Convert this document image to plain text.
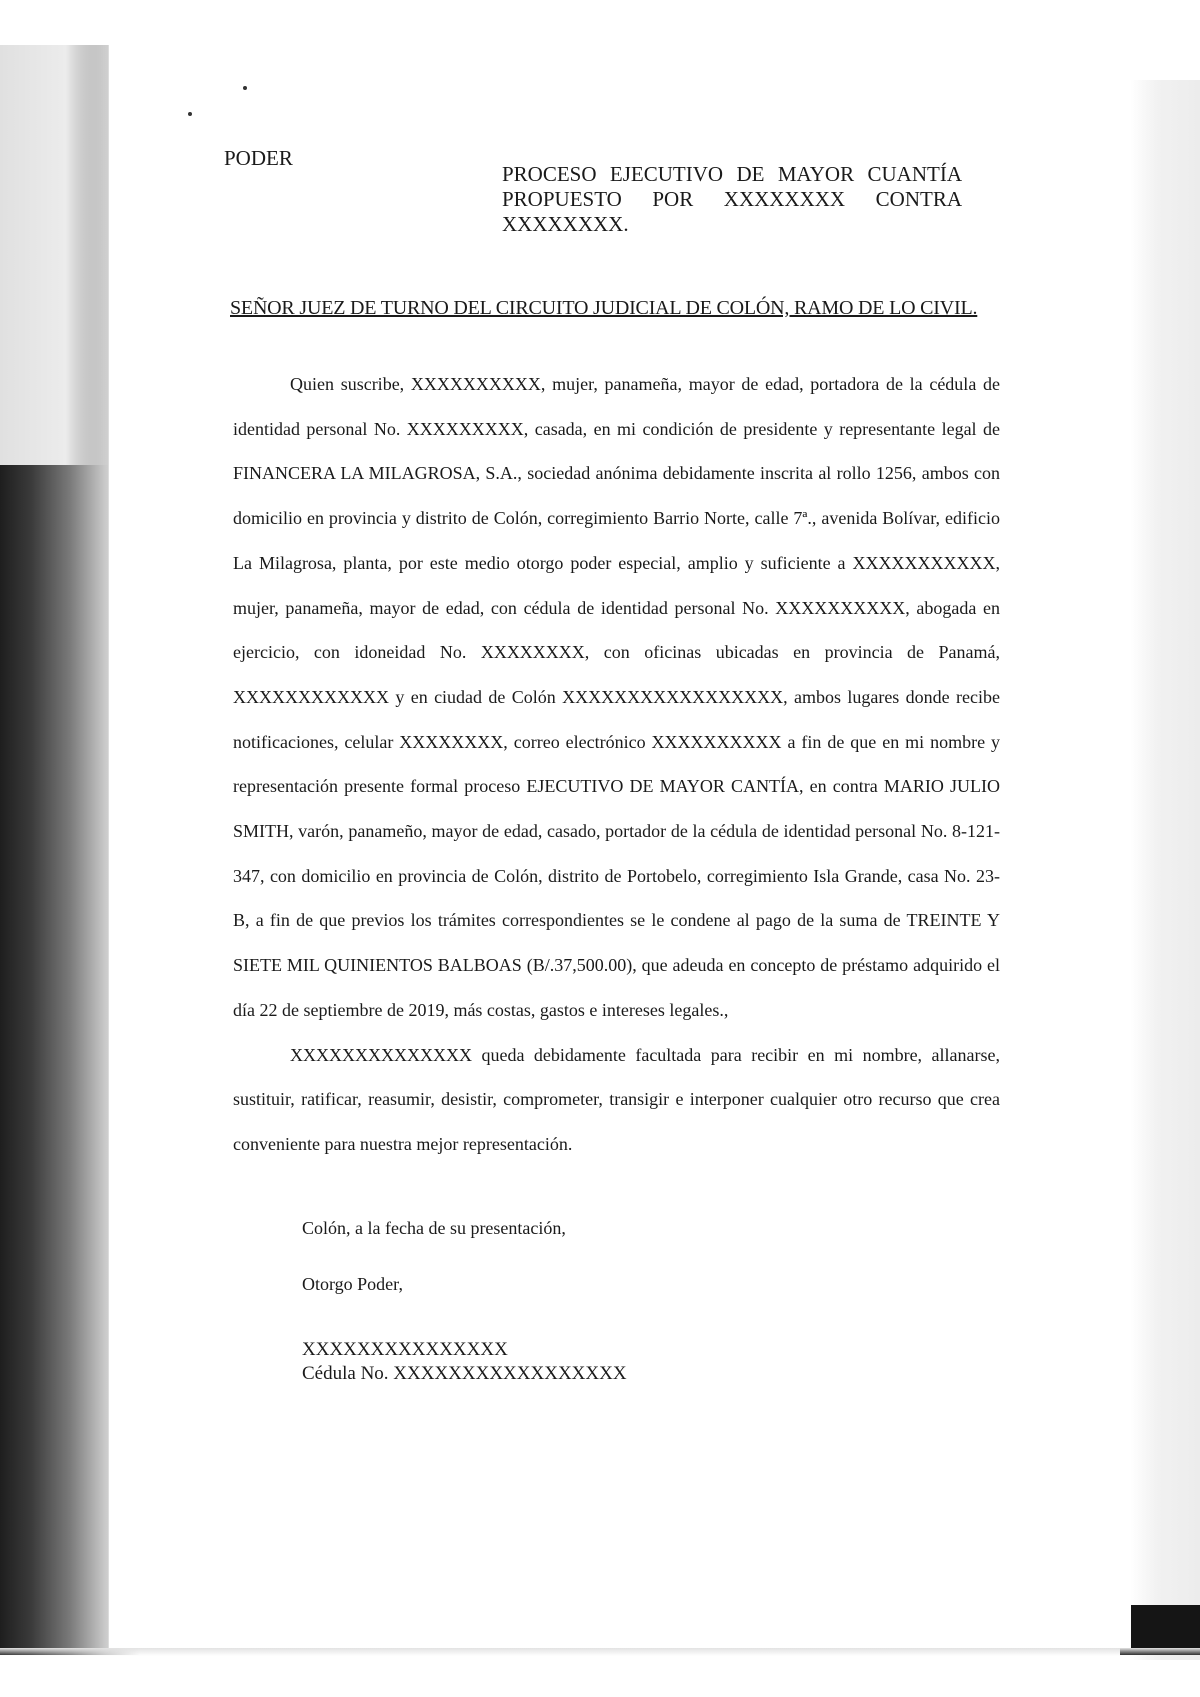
PODER
PROCESO EJECUTIVO DE MAYOR CUANTÍA
PROPUESTO POR XXXXXXXX CONTRA
XXXXXXXX.
SEÑOR JUEZ DE TURNO DEL CIRCUITO JUDICIAL DE COLÓN, RAMO DE LO CIVIL.

Quien suscribe, XXXXXXXXXX, mujer, panameña, mayor de edad, portadora de la cédula de identidad personal No. XXXXXXXXX, casada, en mi condición de presidente y representante legal de FINANCERA LA MILAGROSA, S.A., sociedad anónima debidamente inscrita al rollo 1256, ambos con domicilio en provincia y distrito de Colón, corregimiento Barrio Norte, calle 7ª., avenida Bolívar, edificio La Milagrosa, planta, por este medio otorgo poder especial, amplio y suficiente a XXXXXXXXXXX, mujer, panameña, mayor de edad, con cédula de identidad personal No. XXXXXXXXXX, abogada en ejercicio, con idoneidad No. XXXXXXXX, con oficinas ubicadas en provincia de Panamá, XXXXXXXXXXXX y en ciudad de Colón XXXXXXXXXXXXXXXXX, ambos lugares donde recibe notificaciones, celular XXXXXXXX, correo electrónico XXXXXXXXXX a fin de que en mi nombre y representación presente formal proceso EJECUTIVO DE MAYOR CANTÍA, en contra MARIO JULIO SMITH, varón, panameño, mayor de edad, casado, portador de la cédula de identidad personal No. 8-121-347, con domicilio en provincia de Colón, distrito de Portobelo, corregimiento Isla Grande, casa No. 23-B, a fin de que previos los trámites correspondientes se le condene al pago de la suma de TREINTE Y SIETE MIL QUINIENTOS BALBOAS (B/.37,500.00), que adeuda en concepto de préstamo adquirido el día 22 de septiembre de 2019, más costas, gastos e intereses legales.,

XXXXXXXXXXXXXX queda debidamente facultada para recibir en mi nombre, allanarse, sustituir, ratificar, reasumir, desistir, comprometer, transigir e interponer cualquier otro recurso que crea conveniente para nuestra mejor representación.

Colón, a la fecha de su presentación,
Otorgo Poder,
XXXXXXXXXXXXXXX
Cédula No. XXXXXXXXXXXXXXXXX
